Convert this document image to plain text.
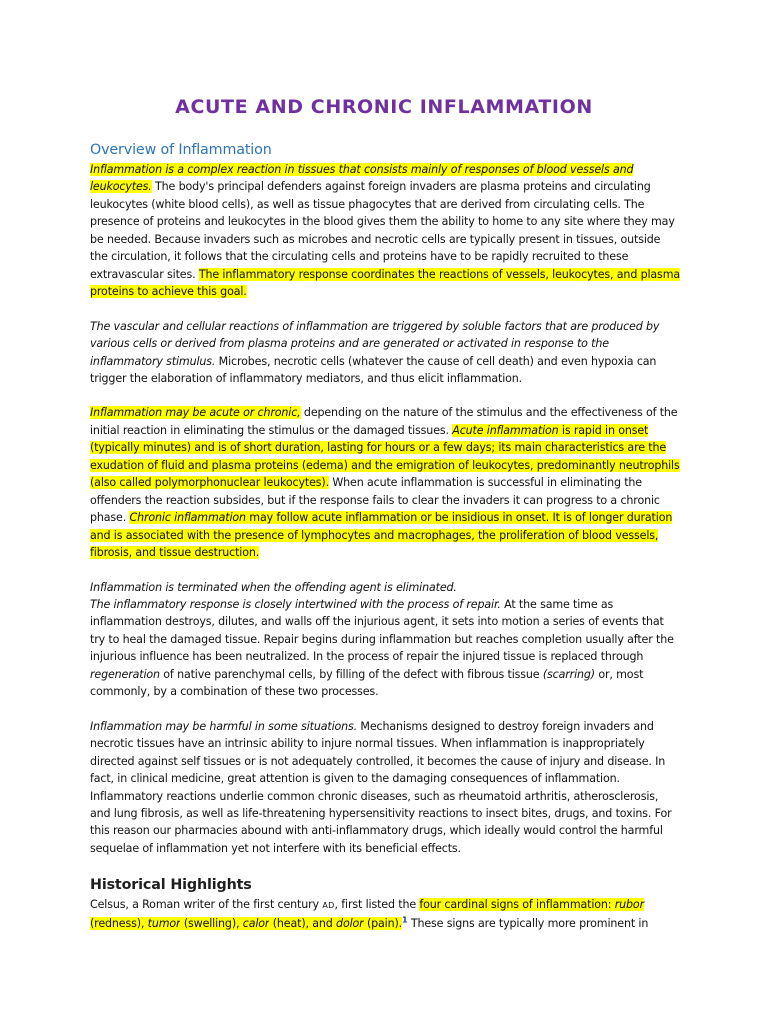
ACUTE AND CHRONIC INFLAMMATION
Overview of Inflammation

Inflammation is a complex reaction in tissues that consists mainly of responses of blood vessels and leukocytes. The body's principal defenders against foreign invaders are plasma proteins and circulating leukocytes (white blood cells), as well as tissue phagocytes that are derived from circulating cells. The presence of proteins and leukocytes in the blood gives them the ability to home to any site where they may be needed. Because invaders such as microbes and necrotic cells are typically present in tissues, outside the circulation, it follows that the circulating cells and proteins have to be rapidly recruited to these extravascular sites. The inflammatory response coordinates the reactions of vessels, leukocytes, and plasma proteins to achieve this goal.

The vascular and cellular reactions of inflammation are triggered by soluble factors that are produced by various cells or derived from plasma proteins and are generated or activated in response to the inflammatory stimulus. Microbes, necrotic cells (whatever the cause of cell death) and even hypoxia can trigger the elaboration of inflammatory mediators, and thus elicit inflammation.

Inflammation may be acute or chronic, depending on the nature of the stimulus and the effectiveness of the initial reaction in eliminating the stimulus or the damaged tissues. Acute inflammation is rapid in onset (typically minutes) and is of short duration, lasting for hours or a few days; its main characteristics are the exudation of fluid and plasma proteins (edema) and the emigration of leukocytes, predominantly neutrophils (also called polymorphonuclear leukocytes). When acute inflammation is successful in eliminating the offenders the reaction subsides, but if the response fails to clear the invaders it can progress to a chronic phase. Chronic inflammation may follow acute inflammation or be insidious in onset. It is of longer duration and is associated with the presence of lymphocytes and macrophages, the proliferation of blood vessels, fibrosis, and tissue destruction.

Inflammation is terminated when the offending agent is eliminated.

The inflammatory response is closely intertwined with the process of repair. At the same time as inflammation destroys, dilutes, and walls off the injurious agent, it sets into motion a series of events that try to heal the damaged tissue. Repair begins during inflammation but reaches completion usually after the injurious influence has been neutralized. In the process of repair the injured tissue is replaced through regeneration of native parenchymal cells, by filling of the defect with fibrous tissue (scarring) or, most commonly, by a combination of these two processes.

Inflammation may be harmful in some situations. Mechanisms designed to destroy foreign invaders and necrotic tissues have an intrinsic ability to injure normal tissues. When inflammation is inappropriately directed against self tissues or is not adequately controlled, it becomes the cause of injury and disease. In fact, in clinical medicine, great attention is given to the damaging consequences of inflammation. Inflammatory reactions underlie common chronic diseases, such as rheumatoid arthritis, atherosclerosis, and lung fibrosis, as well as life-threatening hypersensitivity reactions to insect bites, drugs, and toxins. For this reason our pharmacies abound with anti-inflammatory drugs, which ideally would control the harmful sequelae of inflammation yet not interfere with its beneficial effects.

Historical Highlights

Celsus, a Roman writer of the first century AD, first listed the four cardinal signs of inflammation: rubor (redness), tumor (swelling), calor (heat), and dolor (pain).$^1$ These signs are typically more prominent in
